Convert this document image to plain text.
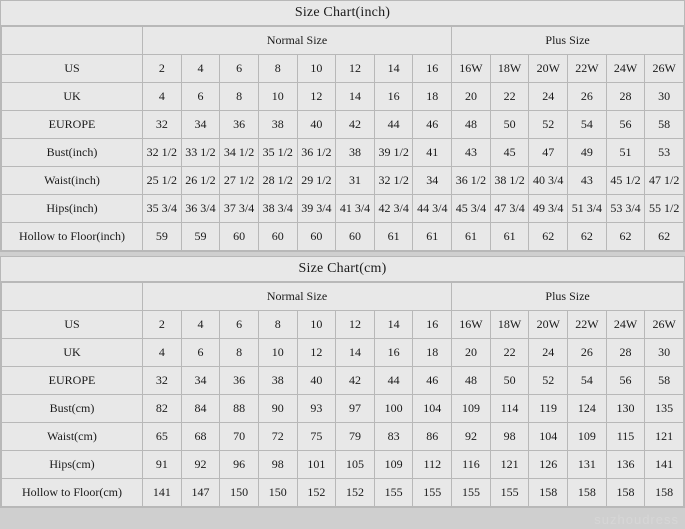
Size Chart(inch)
	Normal Size								Plus Size					
US	2	4	6	8	10	12	14	16	16W	18W	20W	22W	24W	26W
UK	4	6	8	10	12	14	16	18	20	22	24	26	28	30
EUROPE	32	34	36	38	40	42	44	46	48	50	52	54	56	58
Bust(inch)	32 1/2	33 1/2	34 1/2	35 1/2	36 1/2	38	39 1/2	41	43	45	47	49	51	53
Waist(inch)	25 1/2	26 1/2	27 1/2	28 1/2	29 1/2	31	32 1/2	34	36 1/2	38 1/2	40 3/4	43	45 1/2	47 1/2
Hips(inch)	35 3/4	36 3/4	37 3/4	38 3/4	39 3/4	41 3/4	42 3/4	44 3/4	45 3/4	47 3/4	49 3/4	51 3/4	53 3/4	55 1/2
Hollow to Floor(inch)	59	59	60	60	60	60	61	61	61	61	62	62	62	62
Size Chart(cm)
	Normal Size								Plus Size					
US	2	4	6	8	10	12	14	16	16W	18W	20W	22W	24W	26W
UK	4	6	8	10	12	14	16	18	20	22	24	26	28	30
EUROPE	32	34	36	38	40	42	44	46	48	50	52	54	56	58
Bust(cm)	82	84	88	90	93	97	100	104	109	114	119	124	130	135
Waist(cm)	65	68	70	72	75	79	83	86	92	98	104	109	115	121
Hips(cm)	91	92	96	98	101	105	109	112	116	121	126	131	136	141
Hollow to Floor(cm)	141	147	150	150	152	152	155	155	155	155	158	158	158	158
suzhoudress
